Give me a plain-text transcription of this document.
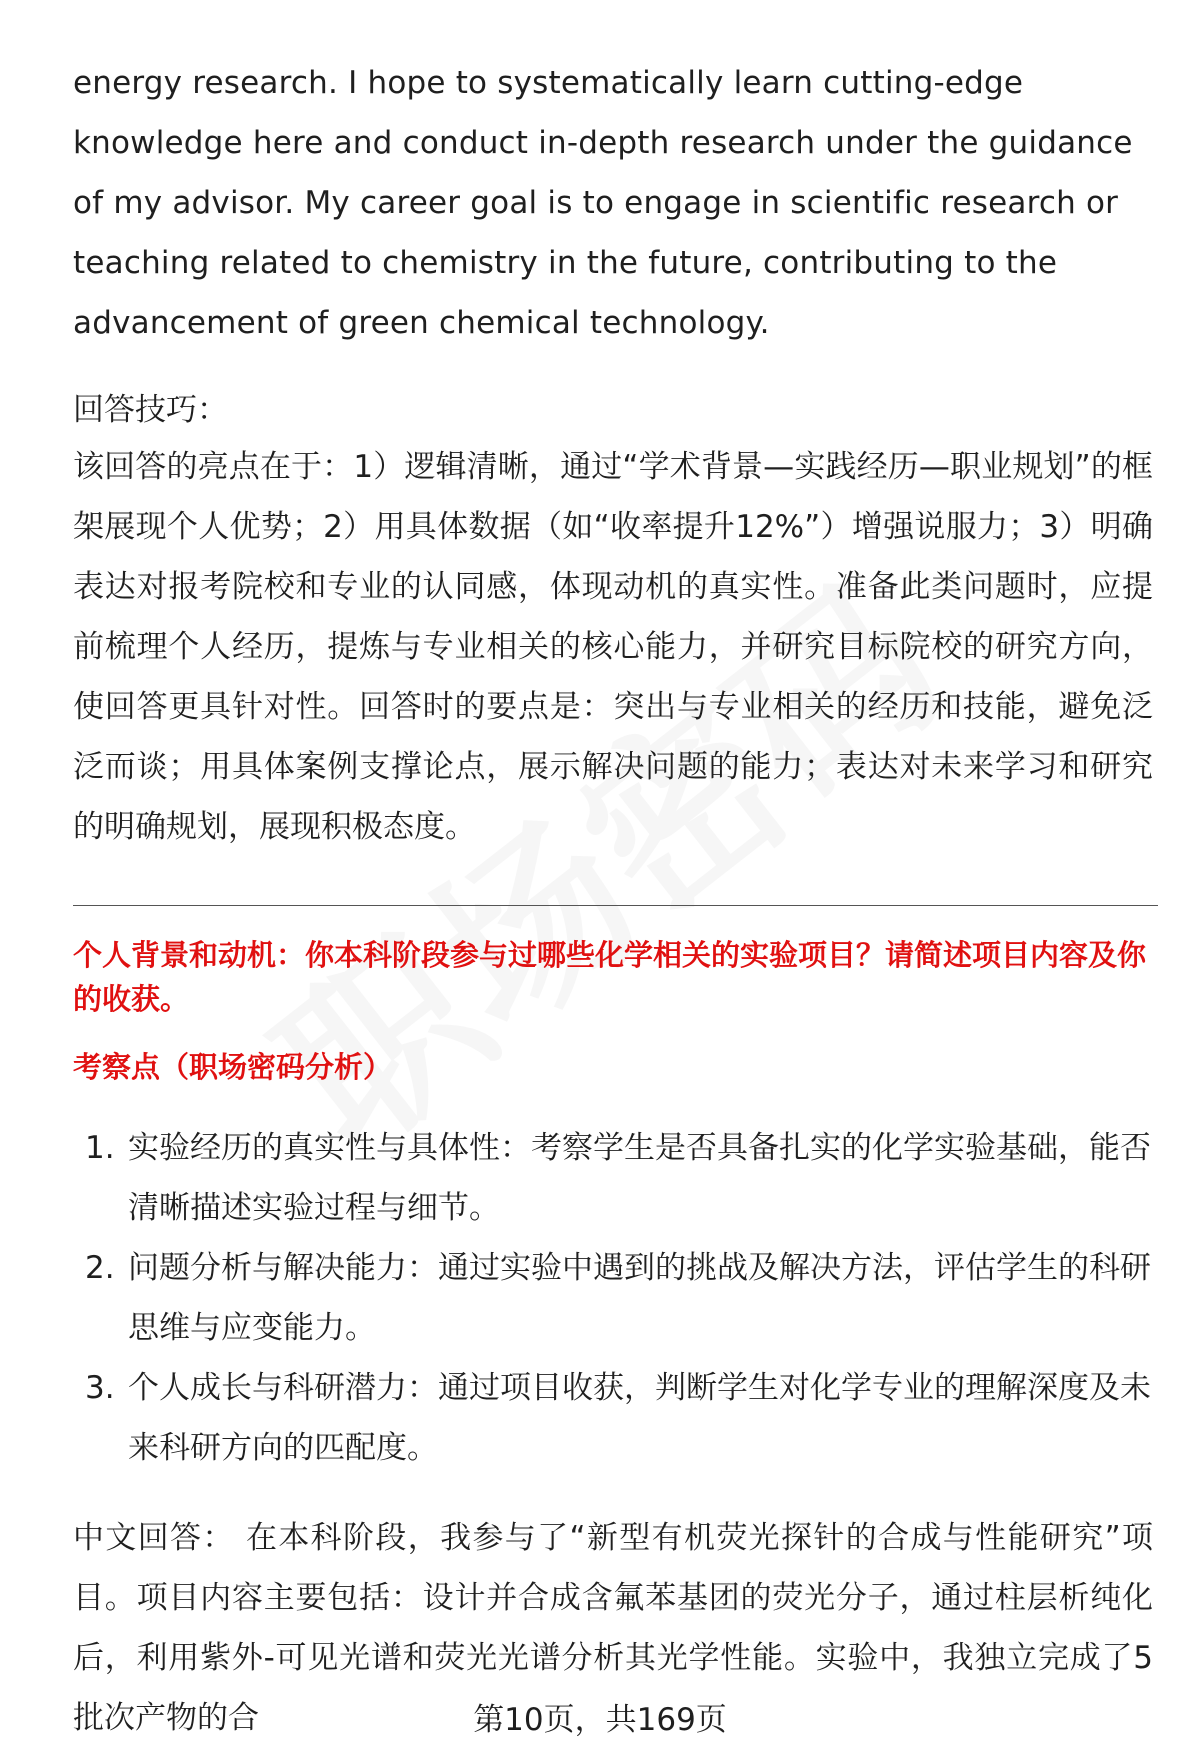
energy research. I hope to systematically learn cutting-edge knowledge here and conduct in-depth research under the guidance of my advisor. My career goal is to engage in scientific research or teaching related to chemistry in the future, contributing to the advancement of green chemical technology.
回答技巧：
该回答的亮点在于：1）逻辑清晰，通过“学术背景—实践经历—职业规划”的框架展现个人优势；2）用具体数据（如“收率提升12%”）增强说服力；3）明确表达对报考院校和专业的认同感，体现动机的真实性。准备此类问题时，应提前梳理个人经历，提炼与专业相关的核心能力，并研究目标院校的研究方向，使回答更具针对性。回答时的要点是：突出与专业相关的经历和技能，避免泛泛而谈；用具体案例支撑论点，展示解决问题的能力；表达对未来学习和研究的明确规划，展现积极态度。
个人背景和动机：你本科阶段参与过哪些化学相关的实验项目？请简述项目内容及你的收获。
考察点（职场密码分析）
1. 实验经历的真实性与具体性：考察学生是否具备扎实的化学实验基础，能否清晰描述实验过程与细节。
2. 问题分析与解决能力：通过实验中遇到的挑战及解决方法，评估学生的科研思维与应变能力。
3. 个人成长与科研潜力：通过项目收获，判断学生对化学专业的理解深度及未来科研方向的匹配度。
中文回答： 在本科阶段，我参与了“新型有机荧光探针的合成与性能研究”项目。项目内容主要包括：设计并合成含氟苯基团的荧光分子，通过柱层析纯化后，利用紫外-可见光谱和荧光光谱分析其光学性能。实验中，我独立完成了5批次产物的合	第10页，共169页
